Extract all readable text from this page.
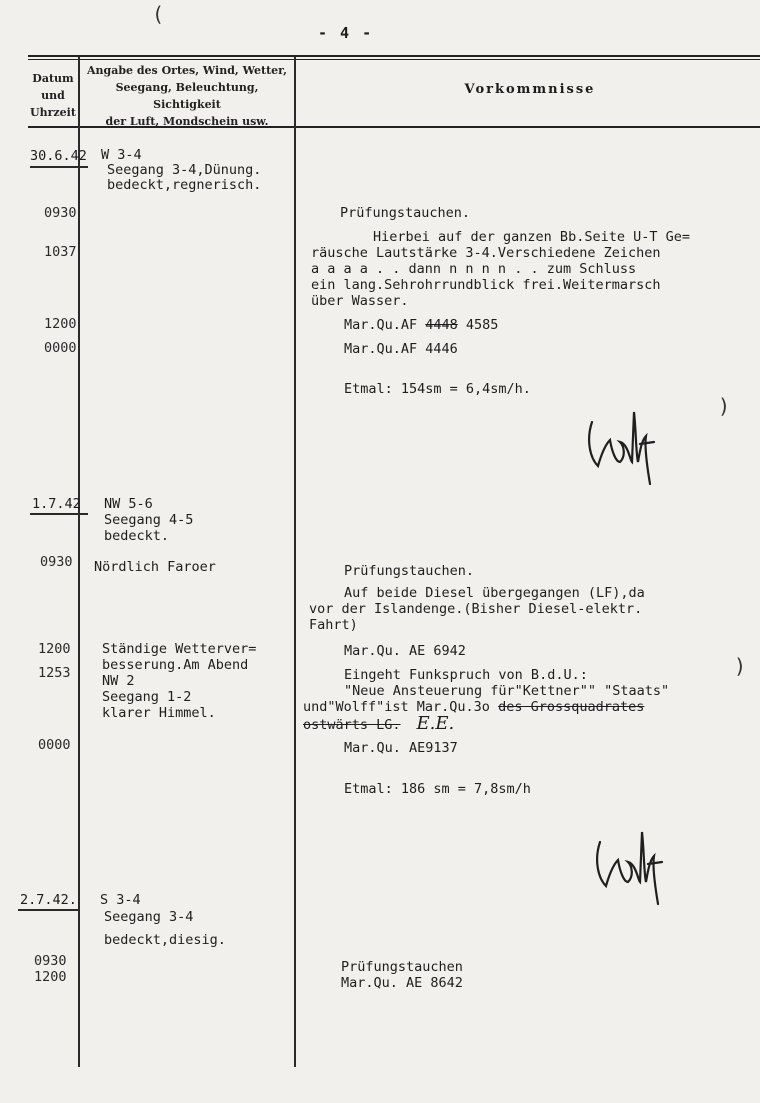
- 4 -
(
Datum
und
Uhrzeit
Angabe des Ortes, Wind, Wetter,
Seegang, Beleuchtung, Sichtigkeit
der Luft, Mondschein usw.
Vorkommnisse
30.6.42 W 3-4
Seegang 3-4,Dünung.
bedeckt,regnerisch.
0930
1037
1200
0000
Prüfungstauchen.
Hierbei auf der ganzen Bb.Seite U-T Ge=
räusche Lautstärke 3-4.Verschiedene Zeichen
a a a a . . dann n n n n . . zum Schluss
ein lang.Sehrohrrundblick frei.Weitermarsch
über Wasser.
Mar.Qu.AF 4448 4585
Mar.Qu.AF 4446
Etmal: 154sm = 6,4sm/h.
)
1.7.42 NW 5-6
Seegang 4-5
bedeckt.
Nördlich Faroer
0930
1200
1253
0000
Ständige Wetterver=
besserung.Am Abend
NW 2
Seegang 1-2
klarer Himmel.
Prüfungstauchen.
Auf beide Diesel übergegangen (LF),da
vor der Islandenge.(Bisher Diesel-elektr.
Fahrt)
Mar.Qu. AE 6942
Eingeht Funkspruch von B.d.U.:
"Neue Ansteuerung für"Kettner"" "Staats"
und"Wolff"ist Mar.Qu.3o des Grossquadrates
ostwärts LG. E.E.
Mar.Qu. AE9137
Etmal: 186 sm = 7,8sm/h
)
2.7.42. S 3-4
Seegang 3-4
bedeckt,diesig.
0930
1200
Prüfungstauchen
Mar.Qu. AE 8642
